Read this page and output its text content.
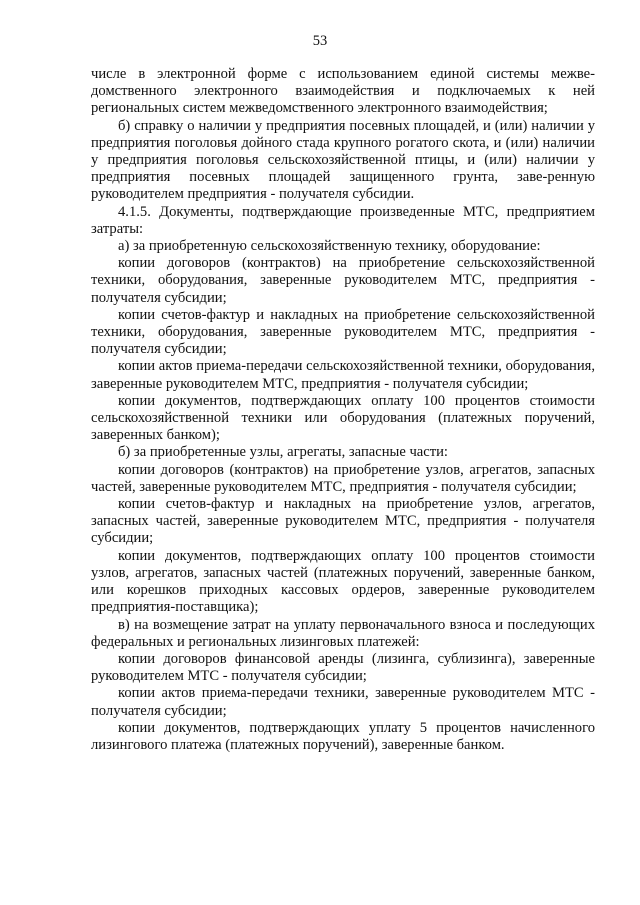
53

числе в электронной форме с использованием единой системы межве-домственного электронного взаимодействия и подключаемых к ней региональных систем межведомственного электронного взаимодействия;

б) справку о наличии у предприятия посевных площадей, и (или) наличии у предприятия поголовья дойного стада крупного рогатого скота, и (или) наличии у предприятия поголовья сельскохозяйственной птицы, и (или) наличии у предприятия посевных площадей защищенного грунта, заве-ренную руководителем предприятия - получателя субсидии.

4.1.5. Документы, подтверждающие произведенные МТС, предприятием затраты:

а) за приобретенную сельскохозяйственную технику, оборудование:

копии договоров (контрактов) на приобретение сельскохозяйственной техники, оборудования, заверенные руководителем МТС, предприятия - получателя субсидии;

копии счетов-фактур и накладных на приобретение сельскохозяйственной техники, оборудования, заверенные руководителем МТС, предприятия - получателя субсидии;

копии актов приема-передачи сельскохозяйственной техники, оборудования, заверенные руководителем МТС, предприятия - получателя субсидии;

копии документов, подтверждающих оплату 100 процентов стоимости сельскохозяйственной техники или оборудования (платежных поручений, заверенных банком);

б) за приобретенные узлы, агрегаты, запасные части:

копии договоров (контрактов) на приобретение узлов, агрегатов, запасных частей, заверенные руководителем МТС, предприятия - получателя субсидии;

копии счетов-фактур и накладных на приобретение узлов, агрегатов, запасных частей, заверенные руководителем МТС, предприятия - получателя субсидии;

копии документов, подтверждающих оплату 100 процентов стоимости узлов, агрегатов, запасных частей (платежных поручений, заверенные банком, или корешков приходных кассовых ордеров, заверенные руководителем предприятия-поставщика);

в) на возмещение затрат на уплату первоначального взноса и последующих федеральных и региональных лизинговых платежей:

копии договоров финансовой аренды (лизинга, сублизинга), заверенные руководителем МТС - получателя субсидии;

копии актов приема-передачи техники, заверенные руководителем МТС - получателя субсидии;

копии документов, подтверждающих уплату 5 процентов начисленного лизингового платежа (платежных поручений), заверенные банком.
